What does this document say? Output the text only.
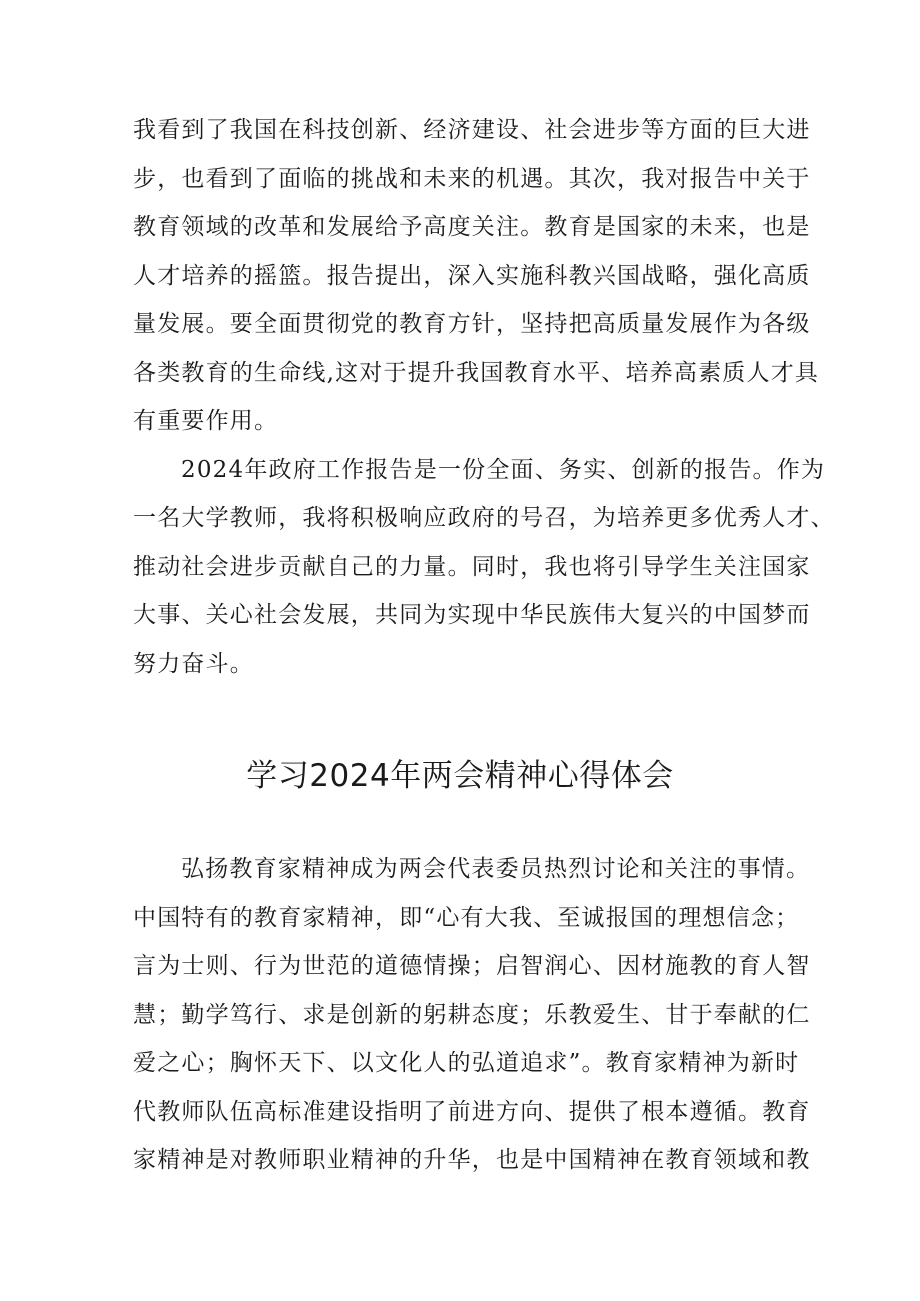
我看到了我国在科技创新、经济建设、社会进步等方面的巨大进
步，也看到了面临的挑战和未来的机遇。其次，我对报告中关于
教育领域的改革和发展给予高度关注。教育是国家的未来，也是
人才培养的摇篮。报告提出，深入实施科教兴国战略，强化高质
量发展。要全面贯彻党的教育方针，坚持把高质量发展作为各级
各类教育的生命线,这对于提升我国教育水平、培养高素质人才具
有重要作用。
2024年政府工作报告是一份全面、务实、创新的报告。作为
一名大学教师，我将积极响应政府的号召，为培养更多优秀人才、
推动社会进步贡献自己的力量。同时，我也将引导学生关注国家
大事、关心社会发展，共同为实现中华民族伟大复兴的中国梦而
努力奋斗。
学习2024年两会精神心得体会
弘扬教育家精神成为两会代表委员热烈讨论和关注的事情。
中国特有的教育家精神，即“心有大我、至诚报国的理想信念；
言为士则、行为世范的道德情操；启智润心、因材施教的育人智
慧；勤学笃行、求是创新的躬耕态度；乐教爱生、甘于奉献的仁
爱之心；胸怀天下、以文化人的弘道追求”。教育家精神为新时
代教师队伍高标准建设指明了前进方向、提供了根本遵循。教育
家精神是对教师职业精神的升华，也是中国精神在教育领域和教
